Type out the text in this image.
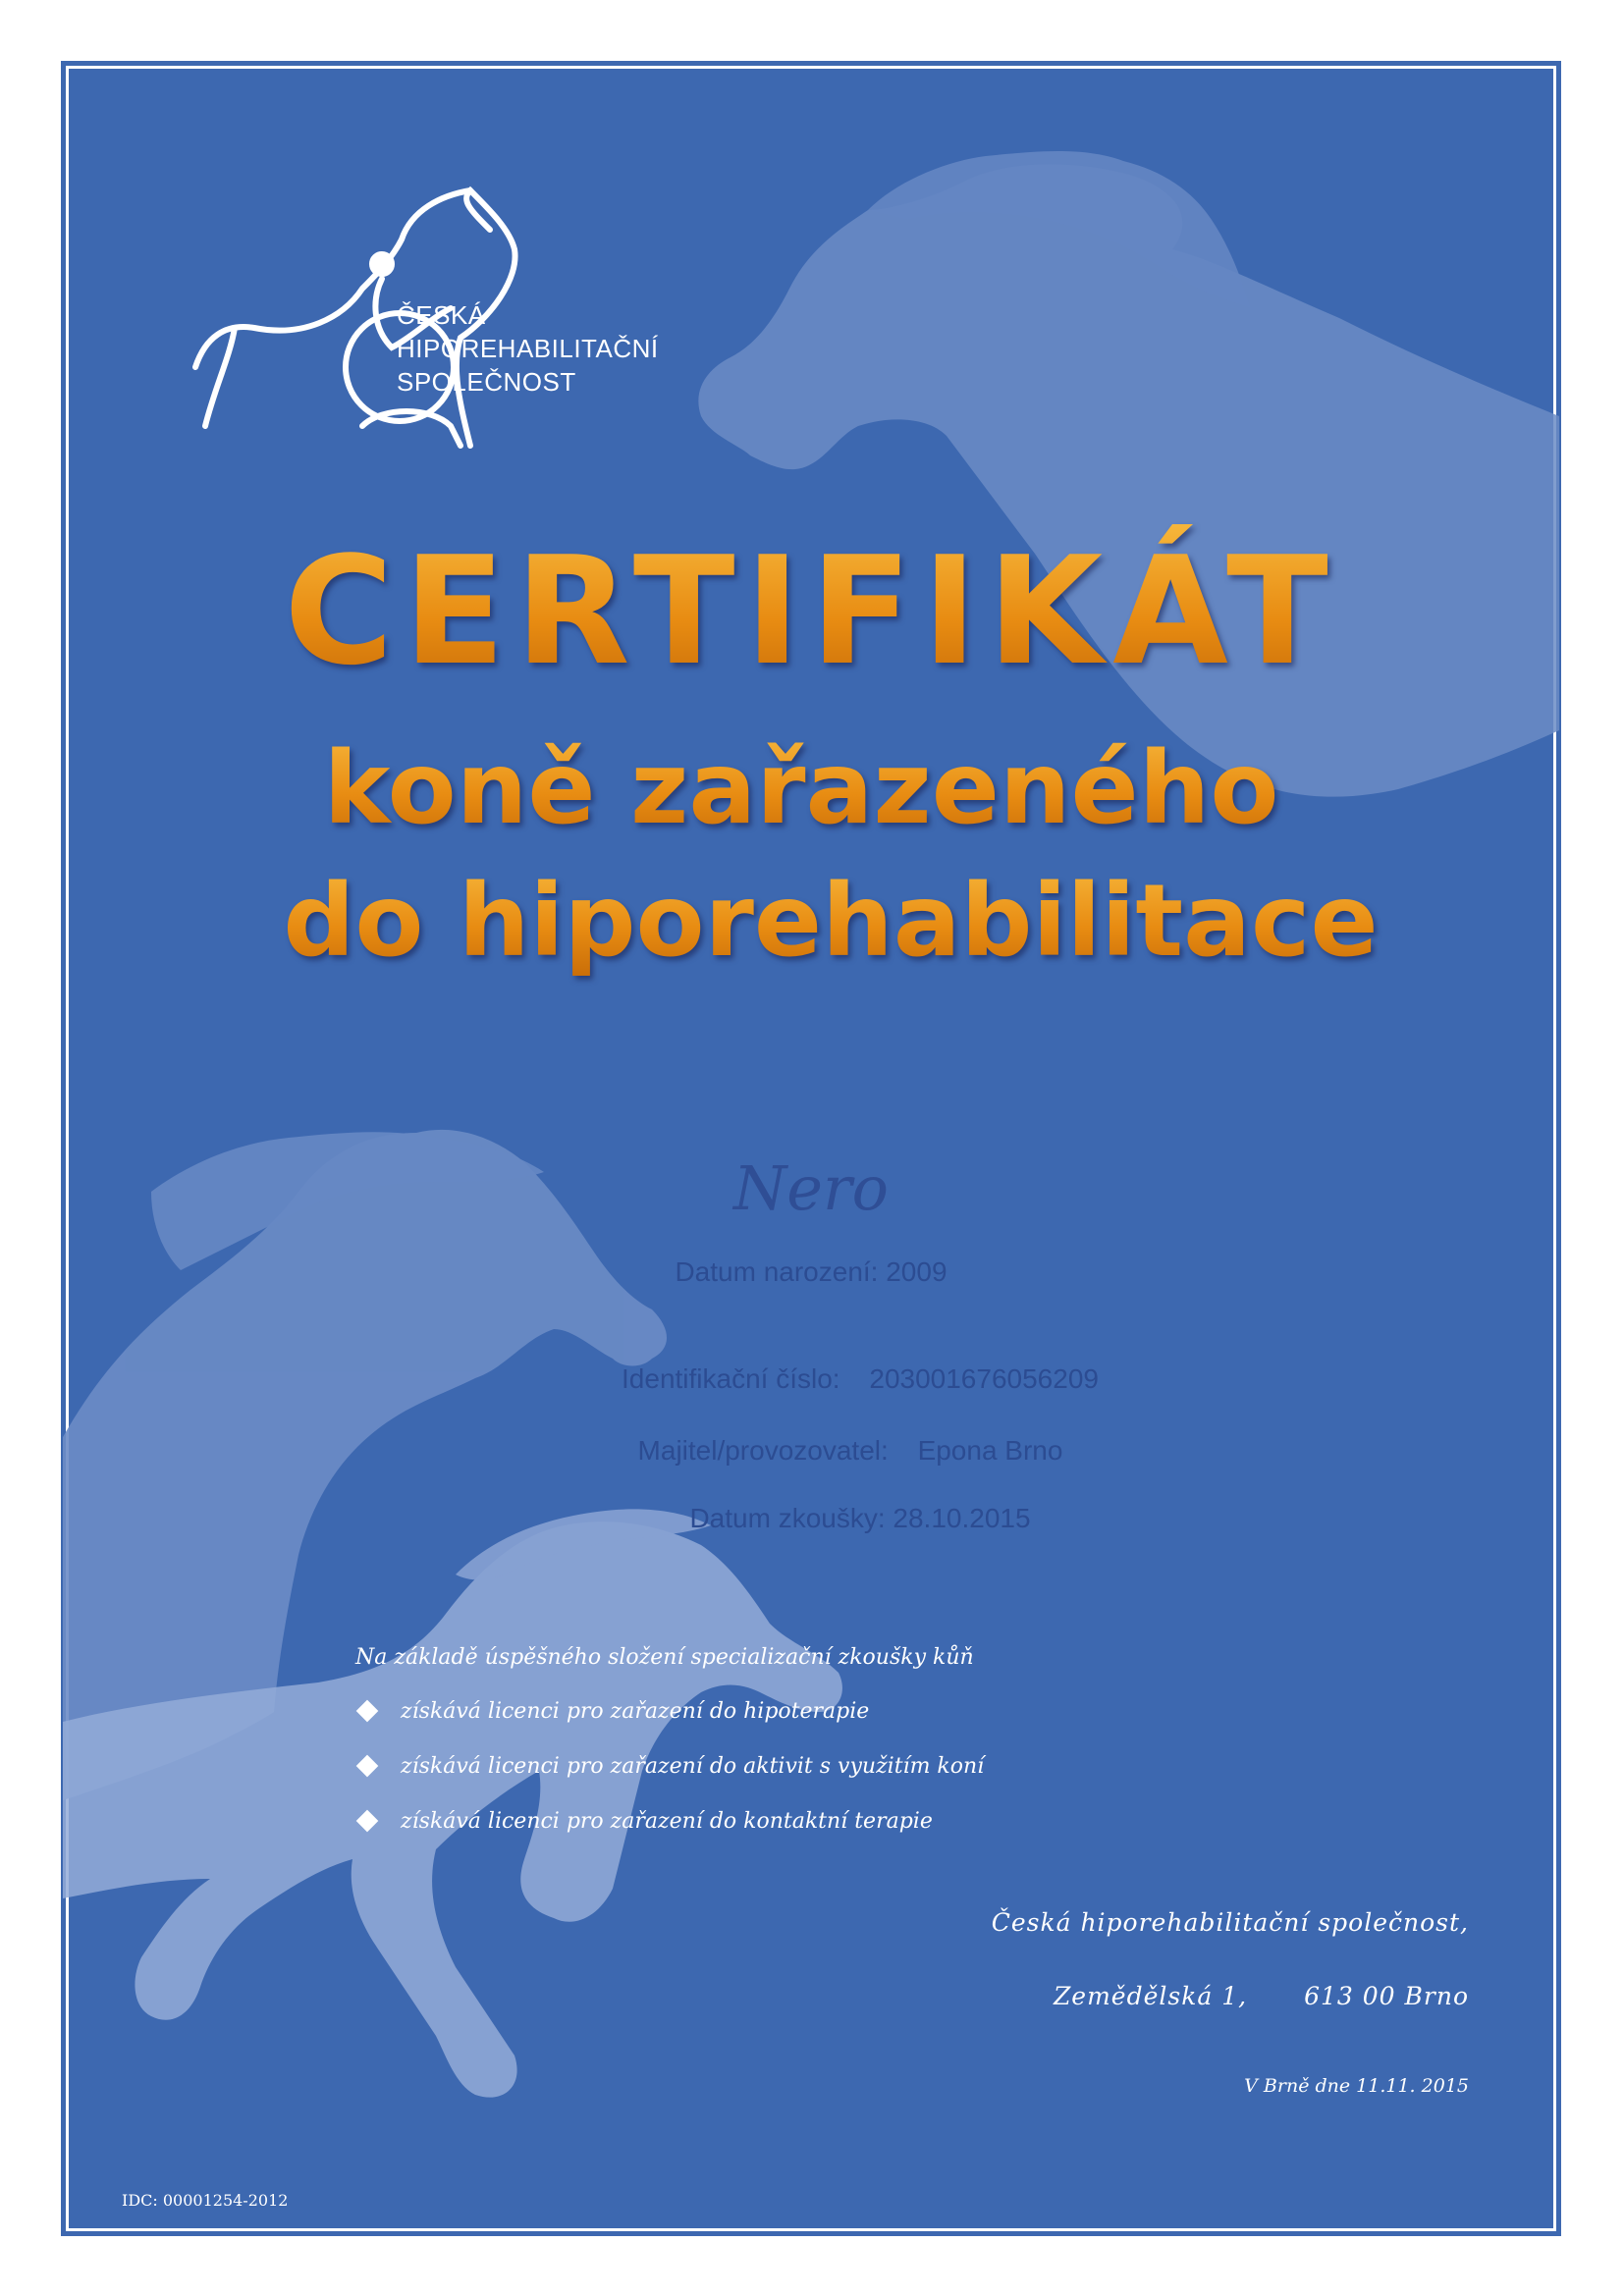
ČESKÁ
HIPOREHABILITAČNÍ
SPOLEČNOST
CERTIFIKÁT
koně zařazeného
do hiporehabilitace
Nero
Datum narození: 2009
Identifikační číslo: 203001676056209
Majitel/provozovatel: Epona Brno
Datum zkoušky: 28.10.2015
Na základě úspěšného složení specializační zkoušky kůň
získává licenci pro zařazení do hipoterapie
získává licenci pro zařazení do aktivit s využitím koní
získává licenci pro zařazení do kontaktní terapie
Česká hiporehabilitační společnost,
Zemědělská 1, 613 00 Brno
V Brně dne 11.11. 2015
IDC: 00001254-2012
